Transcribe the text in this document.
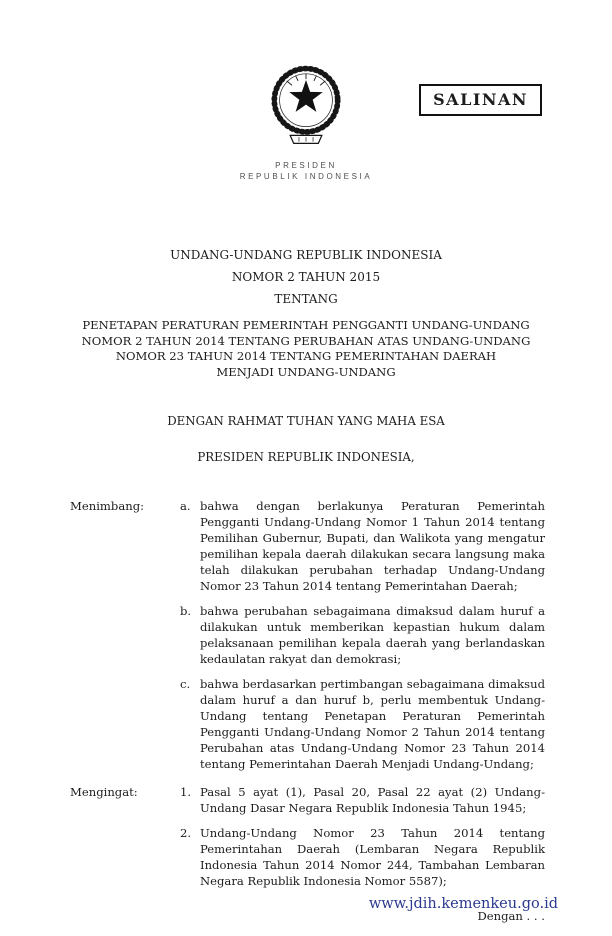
SALINAN
PRESIDEN
REPUBLIK INDONESIA
UNDANG-UNDANG REPUBLIK INDONESIA
NOMOR 2 TAHUN 2015
TENTANG
PENETAPAN PERATURAN PEMERINTAH PENGGANTI UNDANG-UNDANG
NOMOR 2 TAHUN 2014 TENTANG PERUBAHAN ATAS UNDANG-UNDANG
NOMOR 23 TAHUN 2014 TENTANG PEMERINTAHAN DAERAH
MENJADI UNDANG-UNDANG
DENGAN RAHMAT TUHAN YANG MAHA ESA
PRESIDEN REPUBLIK INDONESIA,
Menimbang:	a. bahwa dengan berlakunya Peraturan Pemerintah Pengganti Undang-Undang Nomor 1 Tahun 2014 tentang Pemilihan Gubernur, Bupati, dan Walikota yang mengatur pemilihan kepala daerah dilakukan secara langsung maka telah dilakukan perubahan terhadap Undang-Undang Nomor 23 Tahun 2014 tentang Pemerintahan Daerah;
b. bahwa perubahan sebagaimana dimaksud dalam huruf a dilakukan untuk memberikan kepastian hukum dalam pelaksanaan pemilihan kepala daerah yang berlandaskan kedaulatan rakyat dan demokrasi;
c. bahwa berdasarkan pertimbangan sebagaimana dimaksud dalam huruf a dan huruf b, perlu membentuk Undang-Undang tentang Penetapan Peraturan Pemerintah Pengganti Undang-Undang Nomor 2 Tahun 2014 tentang Perubahan atas Undang-Undang Nomor 23 Tahun 2014 tentang Pemerintahan Daerah Menjadi Undang-Undang;
Mengingat:	1. Pasal 5 ayat (1), Pasal 20, Pasal 22 ayat (2) Undang-Undang Dasar Negara Republik Indonesia Tahun 1945;
2. Undang-Undang Nomor 23 Tahun 2014 tentang Pemerintahan Daerah (Lembaran Negara Republik Indonesia Tahun 2014 Nomor 244, Tambahan Lembaran Negara Republik Indonesia Nomor 5587);
Dengan . . .
www.jdih.kemenkeu.go.id
